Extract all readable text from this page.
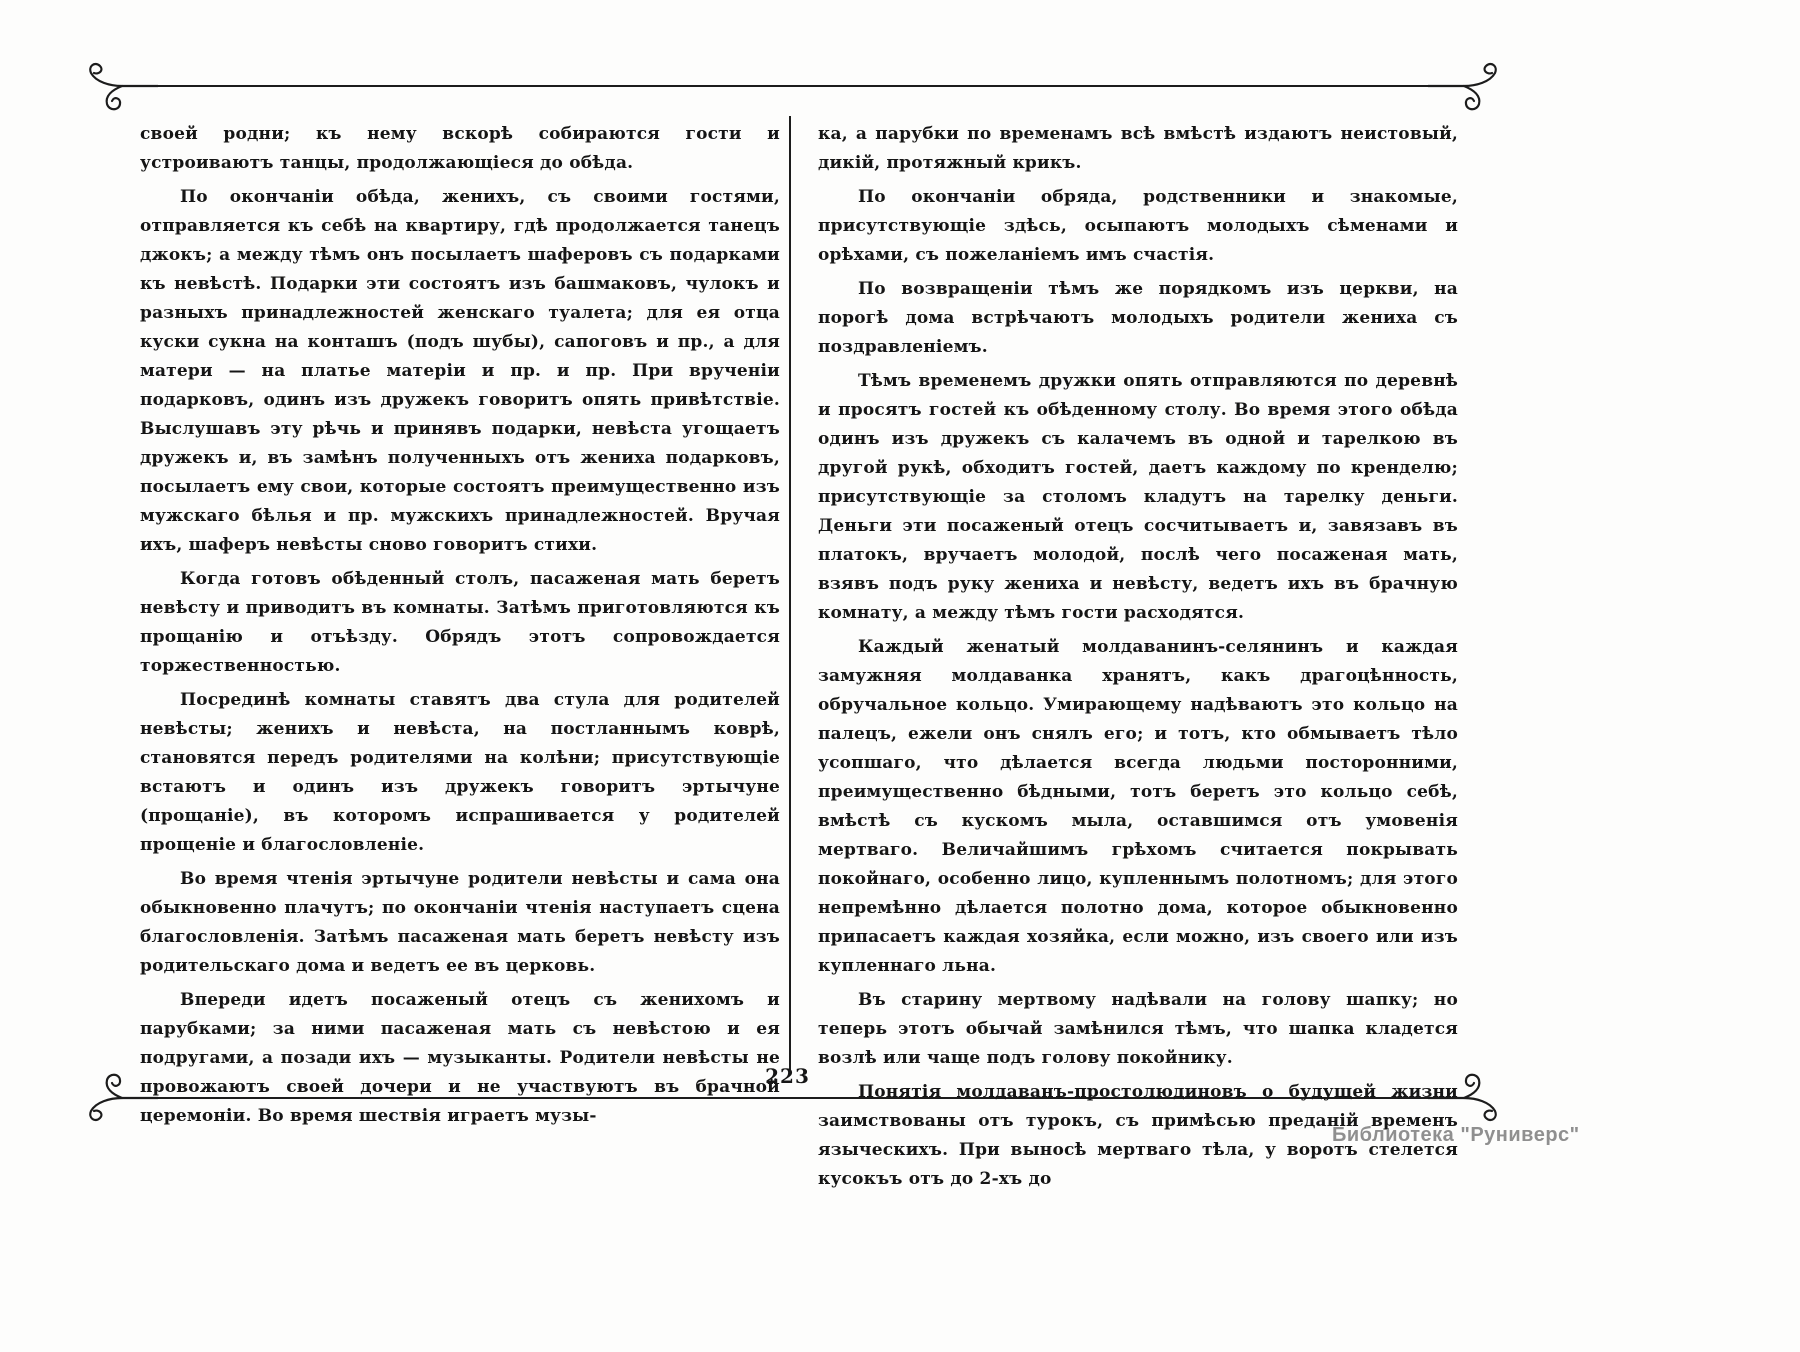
своей родни; къ нему вскорѣ собираются гости и устроиваютъ танцы, продолжающіеся до обѣда.

По окончаніи обѣда, женихъ, съ своими гостями, отправляется къ себѣ на квартиру, гдѣ продолжается танецъ джокъ; а между тѣмъ онъ посылаетъ шаферовъ съ подарками къ невѣстѣ. Подарки эти состоятъ изъ башмаковъ, чулокъ и разныхъ принадлежностей женскаго туалета; для ея отца куски сукна на конташъ (подъ шубы), сапоговъ и пр., а для матери — на платье матеріи и пр. и пр. При врученіи подарковъ, одинъ изъ дружекъ говоритъ опять привѣтствіе. Выслушавъ эту рѣчь и принявъ подарки, невѣста угощаетъ дружекъ и, въ замѣнъ полученныхъ отъ жениха подарковъ, посылаетъ ему свои, которые состоятъ преимущественно изъ мужскаго бѣлья и пр. мужскихъ принадлежностей. Вручая ихъ, шаферъ невѣсты сново говоритъ стихи.

Когда готовъ обѣденный столъ, пасаженая мать беретъ невѣсту и приводитъ въ комнаты. Затѣмъ приготовляются къ прощанію и отъѣзду. Обрядъ этотъ сопровождается торжественностью.

Посрединѣ комнаты ставятъ два стула для родителей невѣсты; женихъ и невѣста, на постланнымъ коврѣ, становятся передъ родителями на колѣни; присутствующіе встаютъ и одинъ изъ дружекъ говоритъ эртычуне (прощаніе), въ которомъ испрашивается у родителей прощеніе и благословленіе.

Во время чтенія эртычуне родители невѣсты и сама она обыкновенно плачутъ; по окончаніи чтенія наступаетъ сцена благословленія. Затѣмъ пасаженая мать беретъ невѣсту изъ родительскаго дома и ведетъ ее въ церковь.

Впереди идетъ посаженый отецъ съ женихомъ и парубками; за ними пасаженая мать съ невѣстою и ея подругами, а позади ихъ — музыканты. Родители невѣсты не провожаютъ своей дочери и не участвуютъ въ брачной церемоніи. Во время шествія играетъ музы-

ка, а парубки по временамъ всѣ вмѣстѣ издаютъ неистовый, дикій, протяжный крикъ.

По окончаніи обряда, родственники и знакомые, присутствующіе здѣсь, осыпаютъ молодыхъ сѣменами и орѣхами, съ пожеланіемъ имъ счастія.

По возвращеніи тѣмъ же порядкомъ изъ церкви, на порогѣ дома встрѣчаютъ молодыхъ родители жениха съ поздравленіемъ.

Тѣмъ временемъ дружки опять отправляются по деревнѣ и просятъ гостей къ обѣденному столу. Во время этого обѣда одинъ изъ дружекъ съ калачемъ въ одной и тарелкою въ другой рукѣ, обходитъ гостей, даетъ каждому по кренделю; присутствующіе за столомъ кладутъ на тарелку деньги. Деньги эти посаженый отецъ сосчитываетъ и, завязавъ въ платокъ, вручаетъ молодой, послѣ чего посаженая мать, взявъ подъ руку жениха и невѣсту, ведетъ ихъ въ брачную комнату, а между тѣмъ гости расходятся.

Каждый женатый молдаванинъ-селянинъ и каждая замужняя молдаванка хранятъ, какъ драгоцѣнность, обручальное кольцо. Умирающему надѣваютъ это кольцо на палецъ, ежели онъ снялъ его; и тотъ, кто обмываетъ тѣло усопшаго, что дѣлается всегда людьми посторонними, преимущественно бѣдными, тотъ беретъ это кольцо себѣ, вмѣстѣ съ кускомъ мыла, оставшимся отъ умовенія мертваго. Величайшимъ грѣхомъ считается покрывать покойнаго, особенно лицо, купленнымъ полотномъ; для этого непремѣнно дѣлается полотно дома, которое обыкновенно припасаетъ каждая хозяйка, если можно, изъ своего или изъ купленнаго льна.

Въ старину мертвому надѣвали на голову шапку; но теперь этотъ обычай замѣнился тѣмъ, что шапка кладется возлѣ или чаще подъ голову покойнику.

Понятія молдаванъ-простолюдиновъ о будущей жизни заимствованы отъ турокъ, съ примѣсью преданій временъ языческихъ. При выносѣ мертваго тѣла, у воротъ стелется кусокъъ отъ до 2-хъ до

223
Библиотека "Руниверс"
